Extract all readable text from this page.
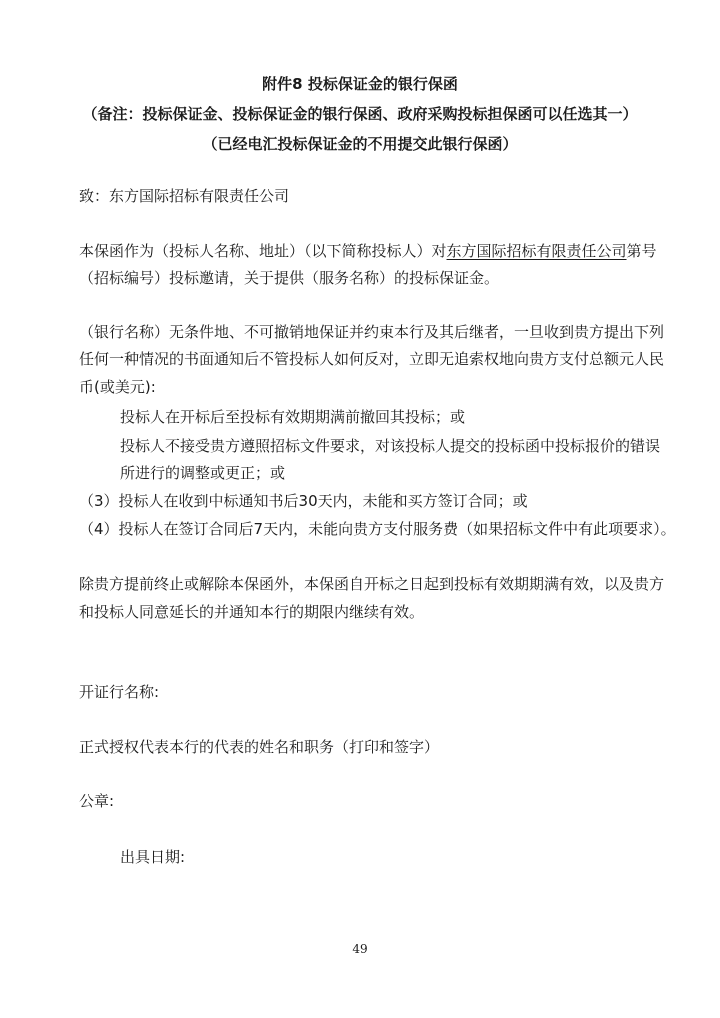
附件8 投标保证金的银行保函
（备注：投标保证金、投标保证金的银行保函、政府采购投标担保函可以任选其一）
（已经电汇投标保证金的不用提交此银行保函）
致：东方国际招标有限责任公司
本保函作为（投标人名称、地址）（以下简称投标人）对东方国际招标有限责任公司第号
（招标编号）投标邀请，关于提供（服务名称）的投标保证金。
（银行名称）无条件地、不可撤销地保证并约束本行及其后继者，一旦收到贵方提出下列
任何一种情况的书面通知后不管投标人如何反对，立即无追索权地向贵方支付总额元人民
币(或美元):
投标人在开标后至投标有效期期满前撤回其投标；或
投标人不接受贵方遵照招标文件要求，对该投标人提交的投标函中投标报价的错误
所进行的调整或更正；或
（3）投标人在收到中标通知书后30天内，未能和买方签订合同；或
（4）投标人在签订合同后7天内，未能向贵方支付服务费（如果招标文件中有此项要求）。
除贵方提前终止或解除本保函外，本保函自开标之日起到投标有效期期满有效，以及贵方
和投标人同意延长的并通知本行的期限内继续有效。
开证行名称:
正式授权代表本行的代表的姓名和职务（打印和签字）
公章:
出具日期:
49
